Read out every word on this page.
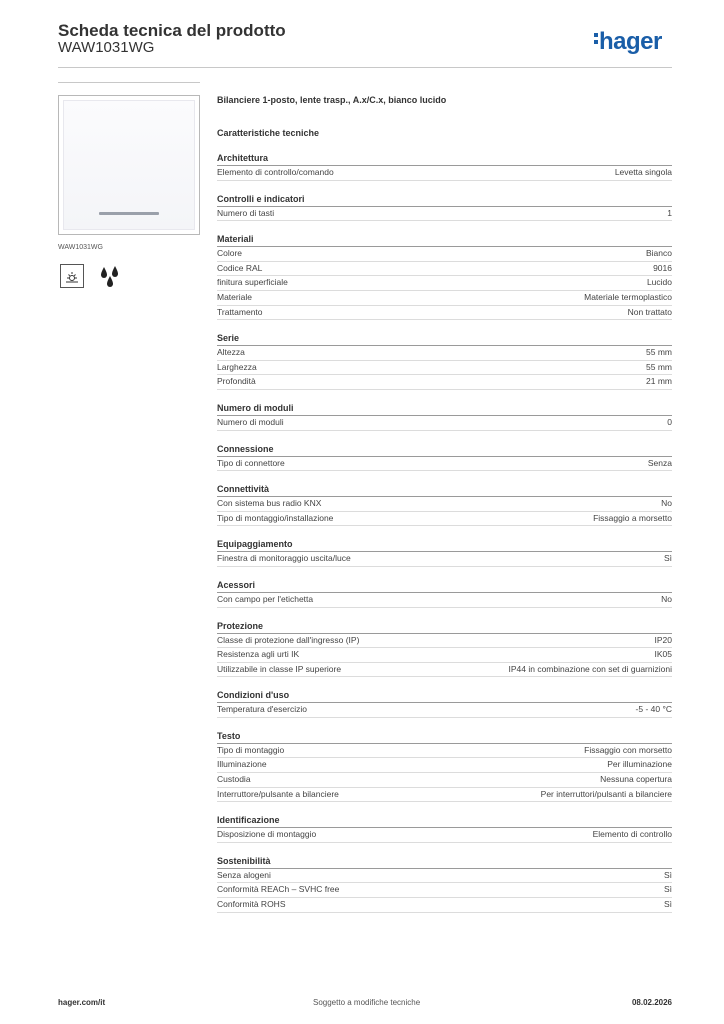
Scheda tecnica del prodotto
WAW1031WG	hager
WAW1031WG
Bilanciere 1-posto, lente trasp., A.x/C.x, bianco lucido
Caratteristiche tecniche
Architettura
Elemento di controllo/comando	Levetta singola
Controlli e indicatori
Numero di tasti	1
Materiali
Colore	Bianco
Codice RAL	9016
finitura superficiale	Lucido
Materiale	Materiale termoplastico
Trattamento	Non trattato
Serie
Altezza	55 mm
Larghezza	55 mm
Profondità	21 mm
Numero di moduli
Numero di moduli	0
Connessione
Tipo di connettore	Senza
Connettività
Con sistema bus radio KNX	No
Tipo di montaggio/installazione	Fissaggio a morsetto
Equipaggiamento
Finestra di monitoraggio uscita/luce	Sì
Acessori
Con campo per l'etichetta	No
Protezione
Classe di protezione dall'ingresso (IP)	IP20
Resistenza agli urti IK	IK05
Utilizzabile in classe IP superiore	IP44 in combinazione con set di guarnizioni
Condizioni d'uso
Temperatura d'esercizio	-5 - 40 °C
Testo
Tipo di montaggio	Fissaggio con morsetto
Illuminazione	Per illuminazione
Custodia	Nessuna copertura
Interruttore/pulsante a bilanciere	Per interruttori/pulsanti a bilanciere
Identificazione
Disposizione di montaggio	Elemento di controllo
Sostenibilità
Senza alogeni	Sì
Conformità REACh – SVHC free	Sì
Conformità ROHS	Sì
hager.com/it	Soggetto a modifiche tecniche	08.02.2026
